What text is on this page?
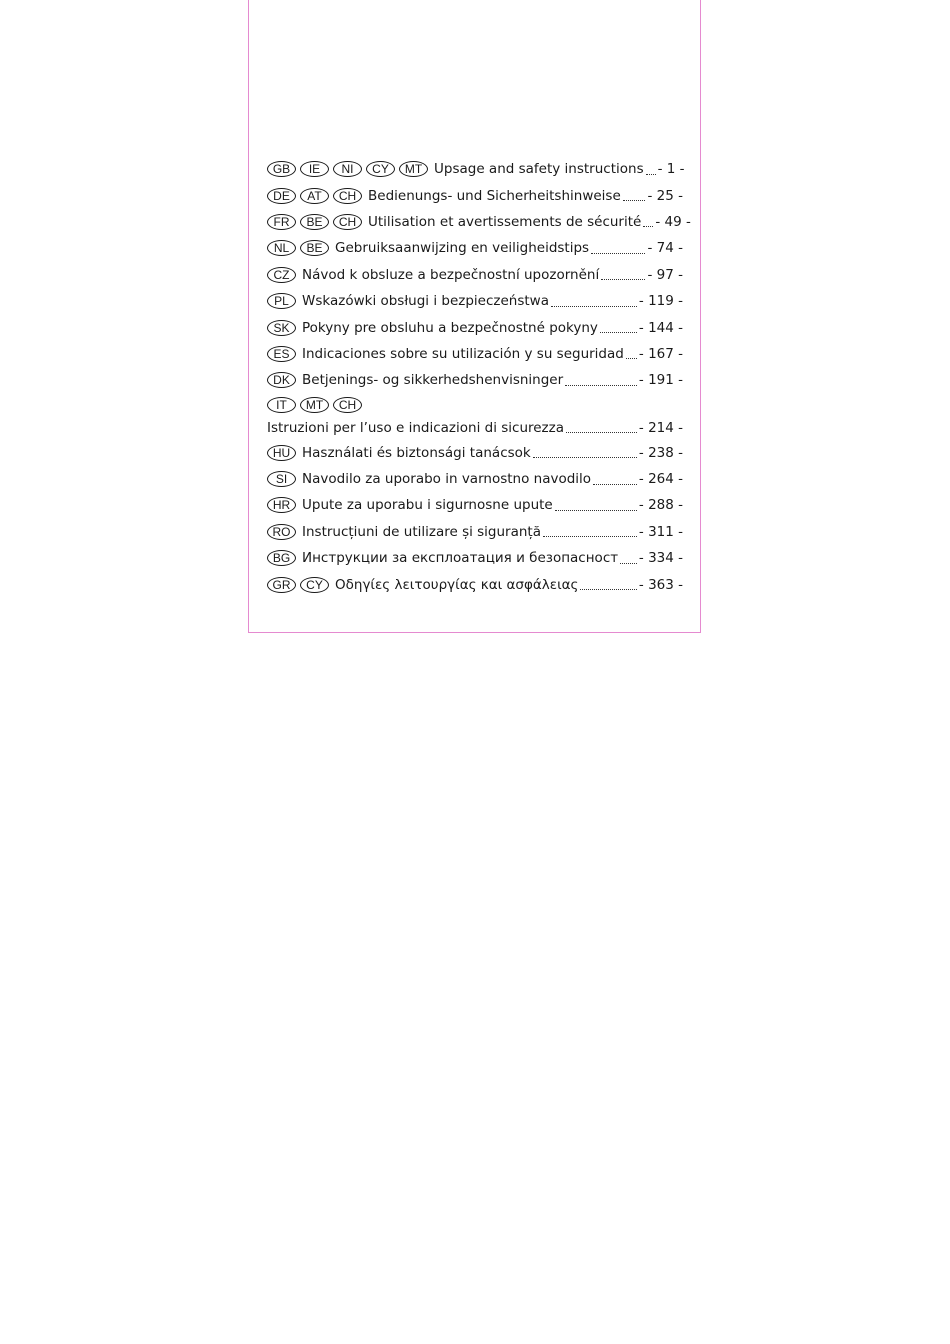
GB	IE	NI	CY	MT Upsage and safety instructions - 1 -
DE	AT	CH Bedienungs- und Sicherheitshinweise - 25 -
FR	BE	CH Utilisation et avertissements de sécurité - 49 -
NL	BE Gebruiksaanwijzing en veiligheidstips	- 74 -
CZ Návod k obsluze a bezpečnostní upozornění	- 97 -
PL Wskazówki obsługi i bezpieczeństwa	- 119 -
SK Pokyny pre obsluhu a bezpečnostné pokyny	- 144 -
ES Indicaciones sobre su utilización y su seguridad - 167 -
DK Betjenings- og sikkerhedshenvisninger	- 191 -
IT	MT	CH
Istruzioni per l’uso e indicazioni di sicurezza	- 214 -
HU Használati és biztonsági tanácsok	- 238 -
SI	Navodilo za uporabo in varnostno navodilo	- 264 -
HR Upute za uporabu i sigurnosne upute	- 288 -
RO Instrucțiuni de utilizare și siguranță	- 311 -
BG Инструкции за експлоатация и безопасност - 334 -
GR	CY Οδηγίες λειτουργίας και ασφάλειας	- 363 -
